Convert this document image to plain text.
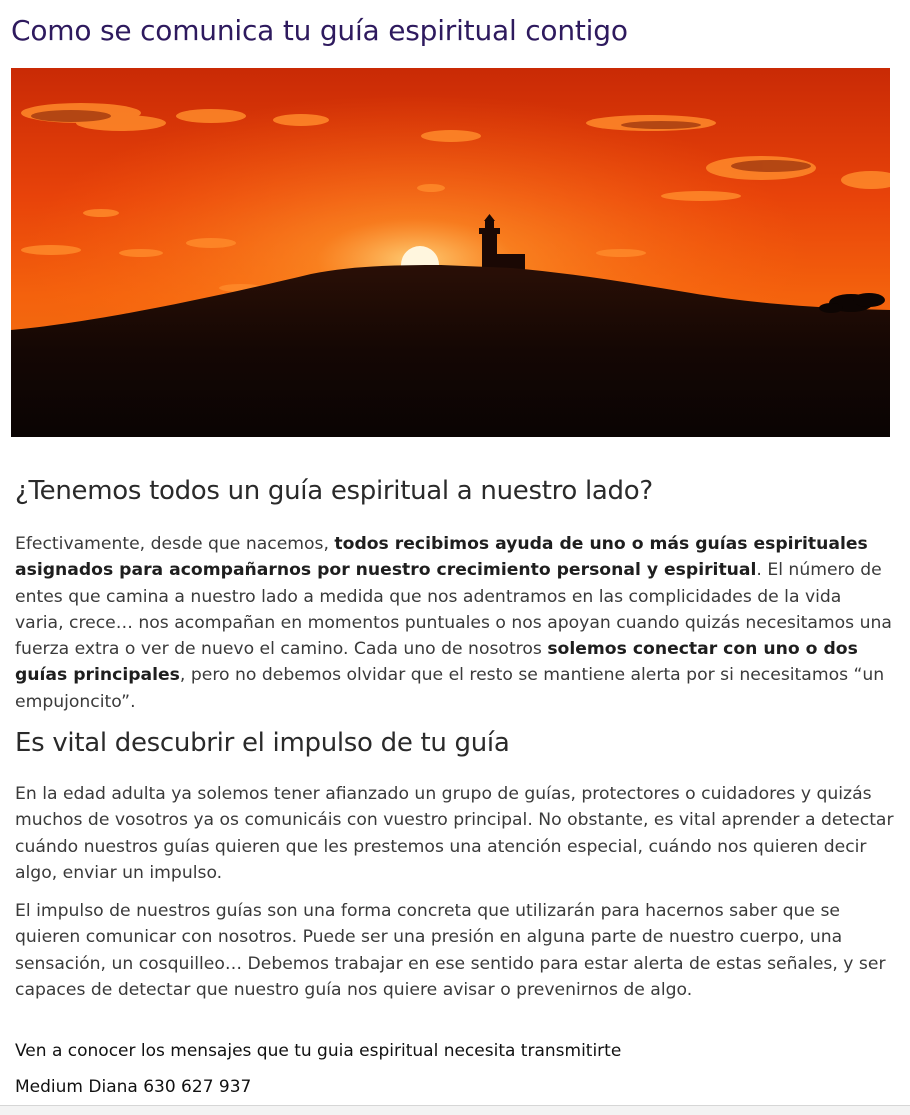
Como se comunica tu guía espiritual contigo
¿Tenemos todos un guía espiritual a nuestro lado?

Efectivamente, desde que nacemos, todos recibimos ayuda de uno o más guías espirituales asignados para acompañarnos por nuestro crecimiento personal y espiritual. El número de entes que camina a nuestro lado a medida que nos adentramos en las complicidades de la vida varia, crece… nos acompañan en momentos puntuales o nos apoyan cuando quizás necesitamos una fuerza extra o ver de nuevo el camino. Cada uno de nosotros solemos conectar con uno o dos guías principales, pero no debemos olvidar que el resto se mantiene alerta por si necesitamos “un empujoncito”.

Es vital descubrir el impulso de tu guía

En la edad adulta ya solemos tener afianzado un grupo de guías, protectores o cuidadores y quizás muchos de vosotros ya os comunicáis con vuestro principal. No obstante, es vital aprender a detectar cuándo nuestros guías quieren que les prestemos una atención especial, cuándo nos quieren decir algo, enviar un impulso.

El impulso de nuestros guías son una forma concreta que utilizarán para hacernos saber que se quieren comunicar con nosotros. Puede ser una presión en alguna parte de nuestro cuerpo, una sensación, un cosquilleo… Debemos trabajar en ese sentido para estar alerta de estas señales, y ser capaces de detectar que nuestro guía nos quiere avisar o prevenirnos de algo.

Ven a conocer los mensajes que tu guia espiritual necesita transmitirte

Medium Diana 630 627 937
